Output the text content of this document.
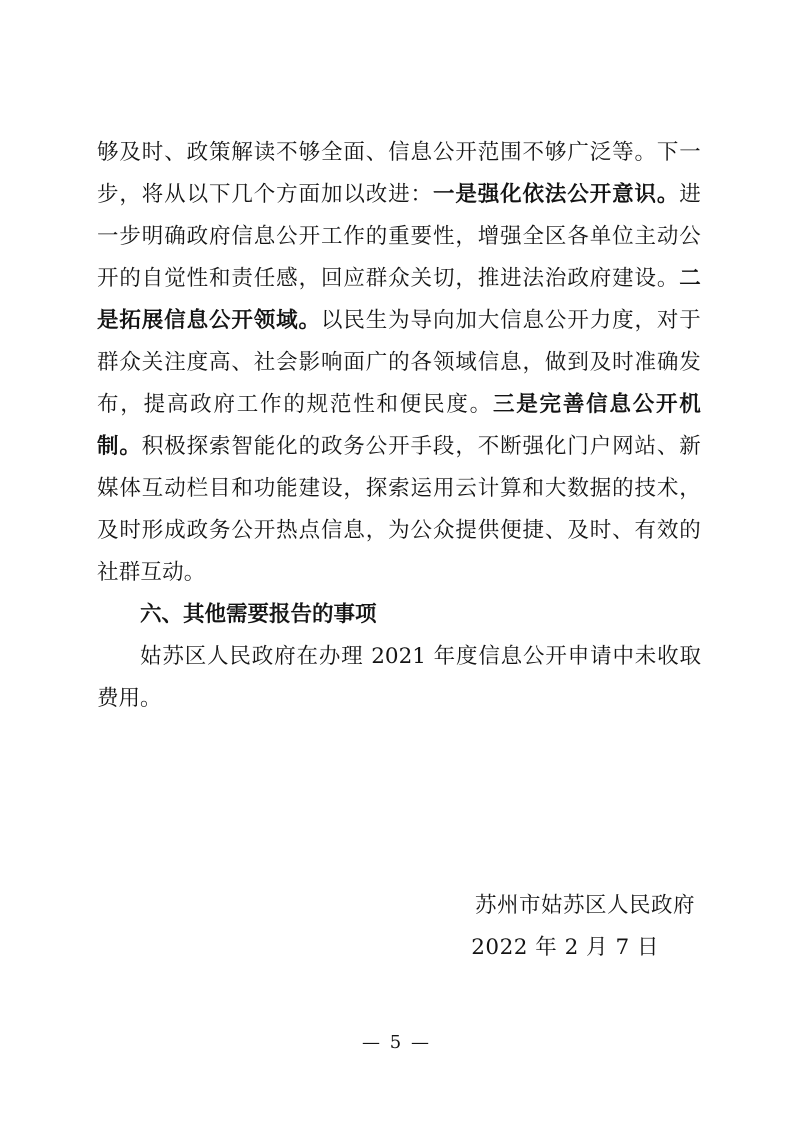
够及时、政策解读不够全面、信息公开范围不够广泛等。下一步，将从以下几个方面加以改进：一是强化依法公开意识。进一步明确政府信息公开工作的重要性，增强全区各单位主动公开的自觉性和责任感，回应群众关切，推进法治政府建设。二是拓展信息公开领域。以民生为导向加大信息公开力度，对于群众关注度高、社会影响面广的各领域信息，做到及时准确发布，提高政府工作的规范性和便民度。三是完善信息公开机制。积极探索智能化的政务公开手段，不断强化门户网站、新媒体互动栏目和功能建设，探索运用云计算和大数据的技术，及时形成政务公开热点信息，为公众提供便捷、及时、有效的社群互动。

六、其他需要报告的事项

姑苏区人民政府在办理 2021 年度信息公开申请中未收取费用。

苏州市姑苏区人民政府
2022 年 2 月 7 日
— 5 —
